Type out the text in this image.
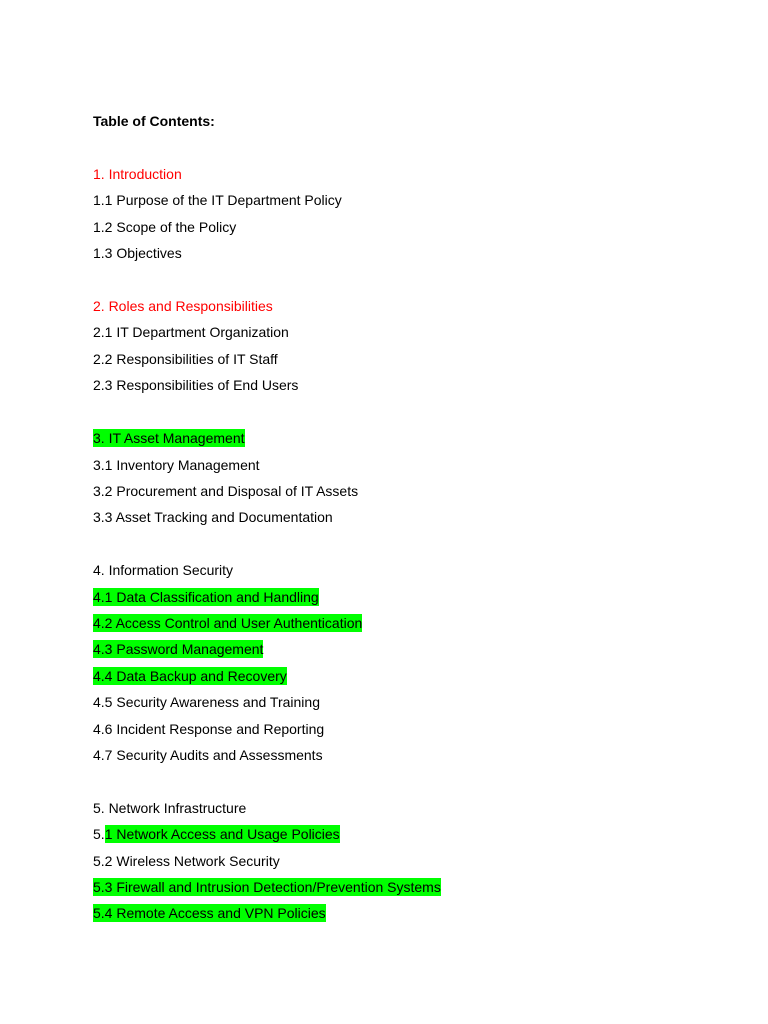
Table of Contents:
1. Introduction
1.1 Purpose of the IT Department Policy
1.2 Scope of the Policy
1.3 Objectives
2. Roles and Responsibilities
2.1 IT Department Organization
2.2 Responsibilities of IT Staff
2.3 Responsibilities of End Users
3. IT Asset Management
3.1 Inventory Management
3.2 Procurement and Disposal of IT Assets
3.3 Asset Tracking and Documentation
4. Information Security
4.1 Data Classification and Handling
4.2 Access Control and User Authentication
4.3 Password Management
4.4 Data Backup and Recovery
4.5 Security Awareness and Training
4.6 Incident Response and Reporting
4.7 Security Audits and Assessments
5. Network Infrastructure
5.1 Network Access and Usage Policies
5.2 Wireless Network Security
5.3 Firewall and Intrusion Detection/Prevention Systems
5.4 Remote Access and VPN Policies
